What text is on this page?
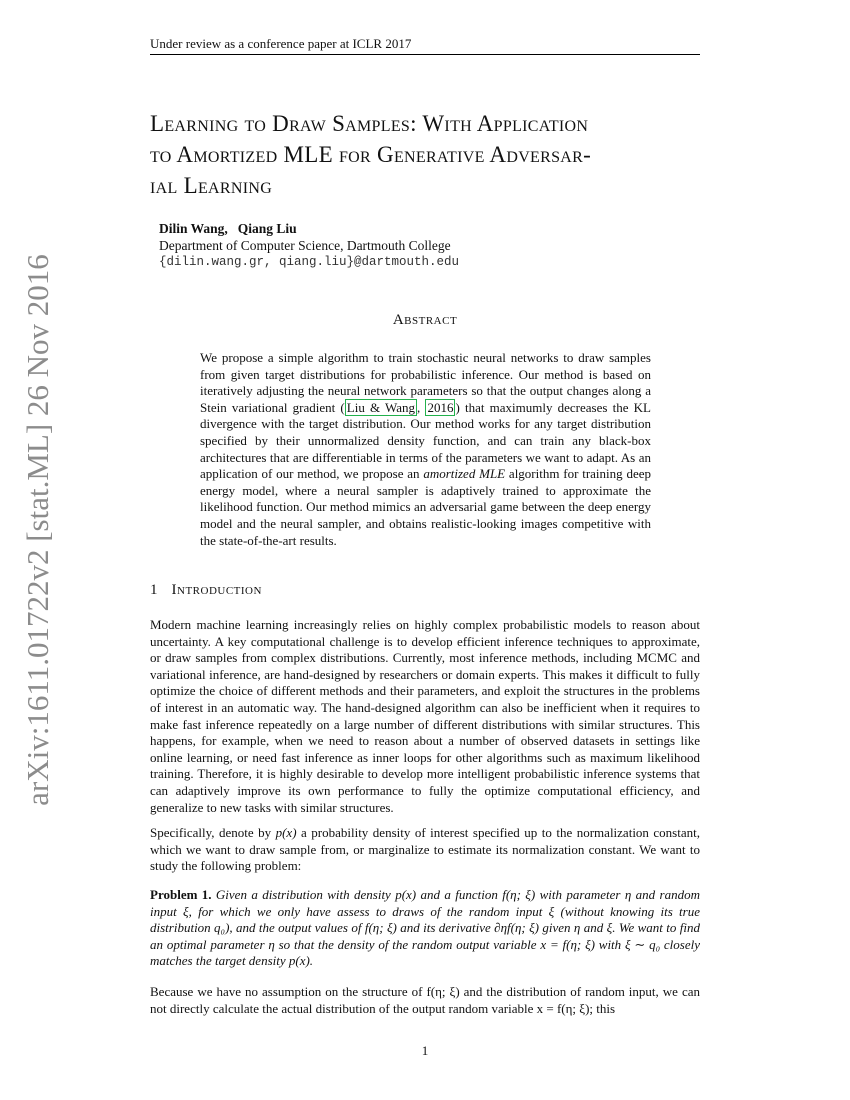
Under review as a conference paper at ICLR 2017
arXiv:1611.01722v2 [stat.ML] 26 Nov 2016
Learning to Draw Samples: With Application
to Amortized MLE for Generative Adversar-
ial Learning
Dilin Wang, Qiang Liu
Department of Computer Science, Dartmouth College
{dilin.wang.gr, qiang.liu}@dartmouth.edu
Abstract

We propose a simple algorithm to train stochastic neural networks to draw samples from given target distributions for probabilistic inference. Our method is based on iteratively adjusting the neural network parameters so that the output changes along a Stein variational gradient ( Liu & Wang , 2016 ) that maximumly decreases the KL divergence with the target distribution. Our method works for any target distribution specified by their unnormalized density function, and can train any black-box architectures that are differentiable in terms of the parameters we want to adapt. As an application of our method, we propose an amortized MLE algorithm for training deep energy model, where a neural sampler is adaptively trained to approximate the likelihood function. Our method mimics an adversarial game between the deep energy model and the neural sampler, and obtains realistic-looking images competitive with the state-of-the-art results.

1 Introduction

Modern machine learning increasingly relies on highly complex probabilistic models to reason about uncertainty. A key computational challenge is to develop efficient inference techniques to approximate, or draw samples from complex distributions. Currently, most inference methods, including MCMC and variational inference, are hand-designed by researchers or domain experts. This makes it difficult to fully optimize the choice of different methods and their parameters, and exploit the structures in the problems of interest in an automatic way. The hand-designed algorithm can also be inefficient when it requires to make fast inference repeatedly on a large number of different distributions with similar structures. This happens, for example, when we need to reason about a number of observed datasets in settings like online learning, or need fast inference as inner loops for other algorithms such as maximum likelihood training. Therefore, it is highly desirable to develop more intelligent probabilistic inference systems that can adaptively improve its own performance to fully the optimize computational efficiency, and generalize to new tasks with similar structures.

Specifically, denote by p(x) a probability density of interest specified up to the normalization constant, which we want to draw sample from, or marginalize to estimate its normalization constant. We want to study the following problem:

Problem 1. Given a distribution with density p(x) and a function f(η; ξ) with parameter η and random input ξ, for which we only have assess to draws of the random input ξ (without knowing its true distribution q₀), and the output values of f(η; ξ) and its derivative ∂ηf(η; ξ) given η and ξ. We want to find an optimal parameter η so that the density of the random output variable x = f(η; ξ) with ξ ∼ q₀ closely matches the target density p(x).

Because we have no assumption on the structure of f(η; ξ) and the distribution of random input, we can not directly calculate the actual distribution of the output random variable x = f(η; ξ); this

1
